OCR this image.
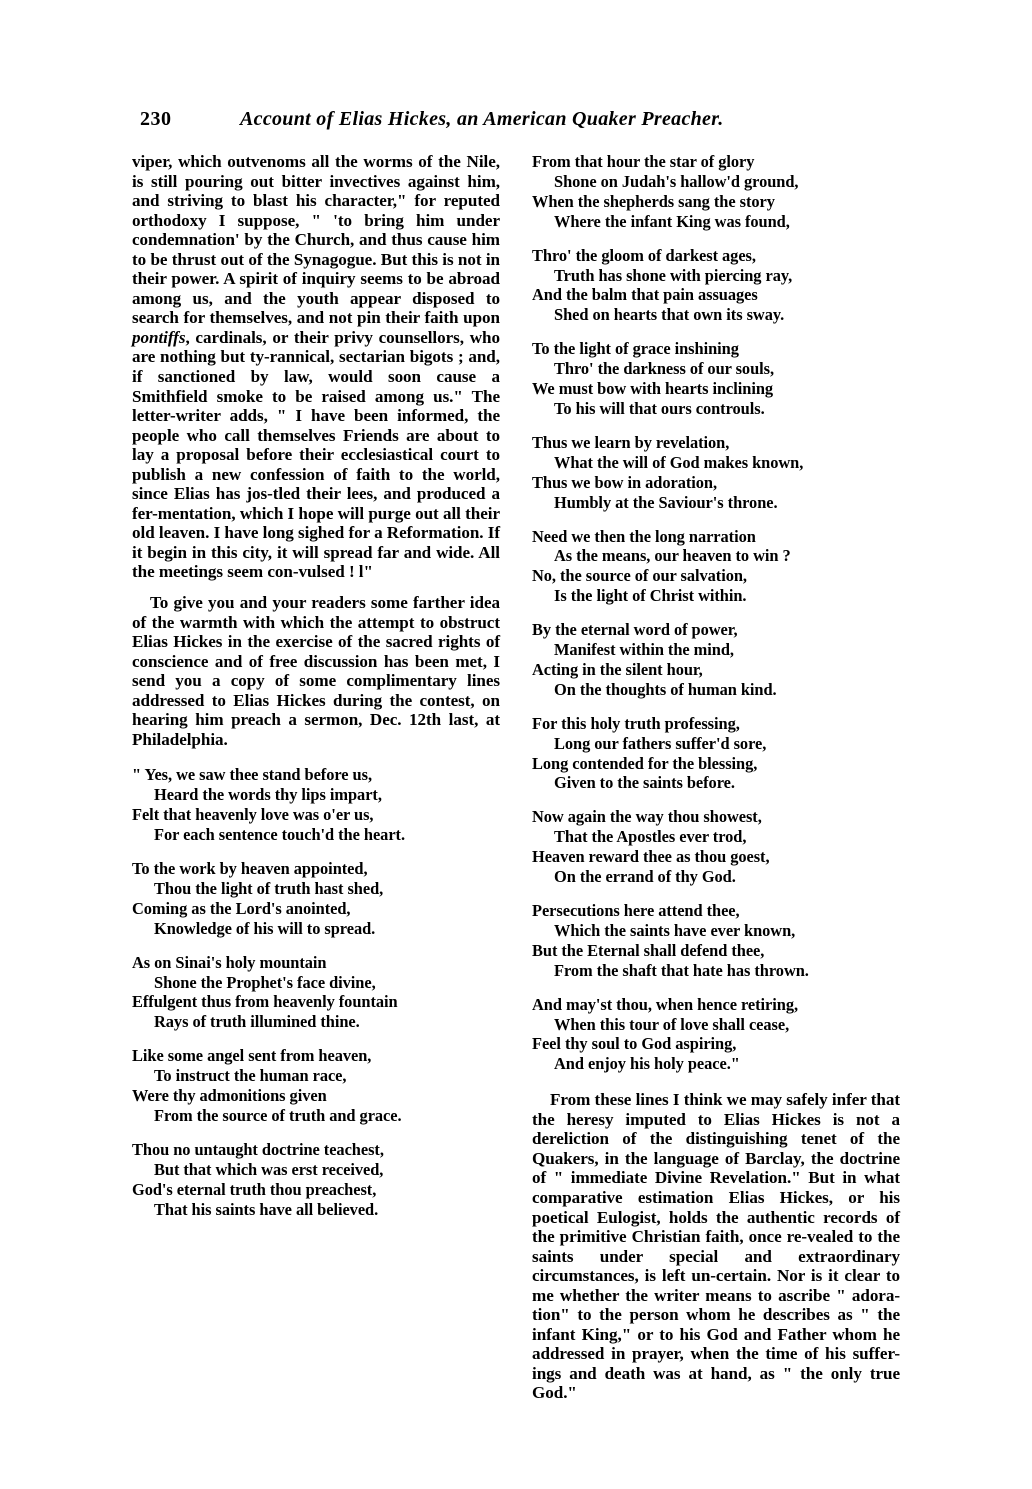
230	Account of Elias Hickes, an American Quaker Preacher.

viper, which outvenoms all the worms of the Nile, is still pouring out bitter invectives against him, and striving to blast his character," for reputed orthodoxy I suppose, " 'to bring him under condemnation' by the Church, and thus cause him to be thrust out of the Synagogue. But this is not in their power. A spirit of inquiry seems to be abroad among us, and the youth appear disposed to search for themselves, and not pin their faith upon pontiffs, cardinals, or their privy counsellors, who are nothing but ty-rannical, sectarian bigots ; and, if sanctioned by law, would soon cause a Smithfield smoke to be raised among us." The letter-writer adds, " I have been informed, the people who call themselves Friends are about to lay a proposal before their ecclesiastical court to publish a new confession of faith to the world, since Elias has jos-tled their lees, and produced a fer-mentation, which I hope will purge out all their old leaven. I have long sighed for a Reformation. If it begin in this city, it will spread far and wide. All the meetings seem con-vulsed ! l"

To give you and your readers some farther idea of the warmth with which the attempt to obstruct Elias Hickes in the exercise of the sacred rights of conscience and of free discussion has been met, I send you a copy of some complimentary lines addressed to Elias Hickes during the contest, on hearing him preach a sermon, Dec. 12th last, at Philadelphia.

" Yes, we saw thee stand before us,
Heard the words thy lips impart,
Felt that heavenly love was o'er us,
For each sentence touch'd the heart.

To the work by heaven appointed,
Thou the light of truth hast shed,
Coming as the Lord's anointed,
Knowledge of his will to spread.

As on Sinai's holy mountain
Shone the Prophet's face divine,
Effulgent thus from heavenly fountain
Rays of truth illumined thine.

Like some angel sent from heaven,
To instruct the human race,
Were thy admonitions given
From the source of truth and grace.

Thou no untaught doctrine teachest,
But that which was erst received,
God's eternal truth thou preachest,
That his saints have all believed.

From that hour the star of glory
Shone on Judah's hallow'd ground,
When the shepherds sang the story
Where the infant King was found,

Thro' the gloom of darkest ages,
Truth has shone with piercing ray,
And the balm that pain assuages
Shed on hearts that own its sway.

To the light of grace inshining
Thro' the darkness of our souls,
We must bow with hearts inclining
To his will that ours controuls.

Thus we learn by revelation,
What the will of God makes known,
Thus we bow in adoration,
Humbly at the Saviour's throne.

Need we then the long narration
As the means, our heaven to win ?
No, the source of our salvation,
Is the light of Christ within.

By the eternal word of power,
Manifest within the mind,
Acting in the silent hour,
On the thoughts of human kind.

For this holy truth professing,
Long our fathers suffer'd sore,
Long contended for the blessing,
Given to the saints before.

Now again the way thou showest,
That the Apostles ever trod,
Heaven reward thee as thou goest,
On the errand of thy God.

Persecutions here attend thee,
Which the saints have ever known,
But the Eternal shall defend thee,
From the shaft that hate has thrown.

And may'st thou, when hence retiring,
When this tour of love shall cease,
Feel thy soul to God aspiring,
And enjoy his holy peace."

From these lines I think we may safely infer that the heresy imputed to Elias Hickes is not a dereliction of the distinguishing tenet of the Quakers, in the language of Barclay, the doctrine of " immediate Divine Revelation." But in what comparative estimation Elias Hickes, or his poetical Eulogist, holds the authentic records of the primitive Christian faith, once re-vealed to the saints under special and extraordinary circumstances, is left un-certain. Nor is it clear to me whether the writer means to ascribe " adora-tion" to the person whom he describes as " the infant King," or to his God and Father whom he addressed in prayer, when the time of his suffer-ings and death was at hand, as " the only true God."
